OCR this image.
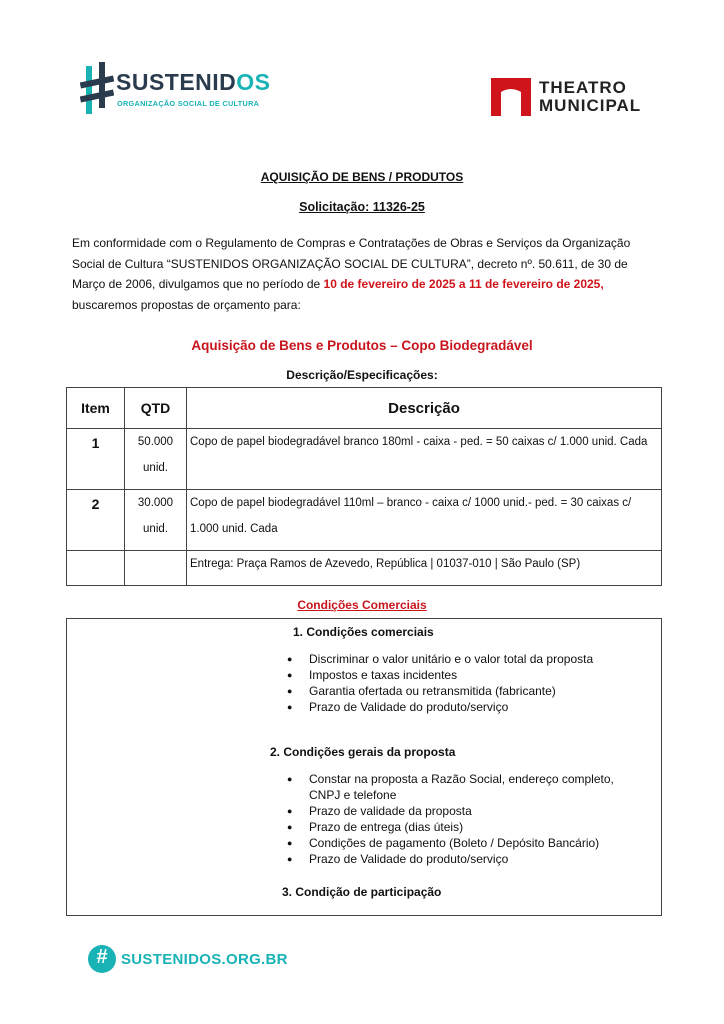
SUSTENIDOS
ORGANIZAÇÃO SOCIAL DE CULTURA
THEATRO
MUNICIPAL
AQUISIÇÃO DE BENS / PRODUTOS
Solicitação: 11326-25
Em conformidade com o Regulamento de Compras e Contratações de Obras e Serviços da Organização Social de Cultura “SUSTENIDOS ORGANIZAÇÃO SOCIAL DE CULTURA”, decreto nº. 50.611, de 30 de Março de 2006, divulgamos que no período de 10 de fevereiro de 2025 a 11 de fevereiro de 2025, buscaremos propostas de orçamento para:
Aquisição de Bens e Produtos – Copo Biodegradável
Descrição/Especificações:
Item	QTD	Descrição
1	50.000 unid.	Copo de papel biodegradável branco 180ml - caixa - ped. = 50 caixas c/ 1.000 unid. Cada
2	30.000 unid.	Copo de papel biodegradável 110ml – branco - caixa c/ 1000 unid.- ped. = 30 caixas c/ 1.000 unid. Cada
		Entrega: Praça Ramos de Azevedo, República | 01037-010 | São Paulo (SP)
Condições Comerciais
1. Condições comerciais
● Discriminar o valor unitário e o valor total da proposta
● Impostos e taxas incidentes
● Garantia ofertada ou retransmitida (fabricante)
● Prazo de Validade do produto/serviço
2. Condições gerais da proposta
● Constar na proposta a Razão Social, endereço completo, CNPJ e telefone
● Prazo de validade da proposta
● Prazo de entrega (dias úteis)
● Condições de pagamento (Boleto / Depósito Bancário)
● Prazo de Validade do produto/serviço
3. Condição de participação
# SUSTENIDOS.ORG.BR
